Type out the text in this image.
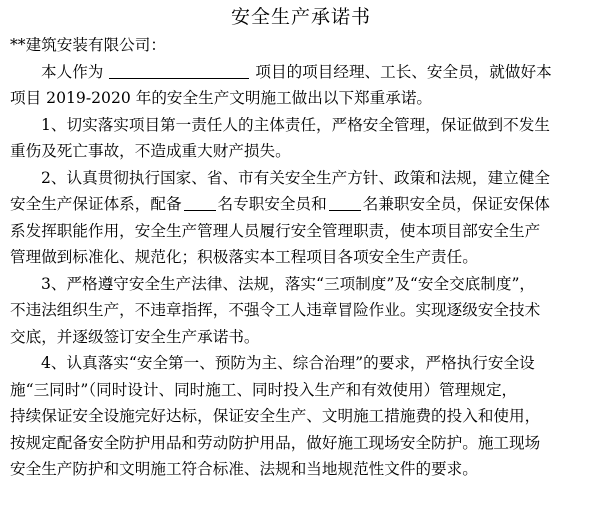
安全生产承诺书

**建筑安装有限公司：

本人作为	项目的项目经理、工长、安全员，就做好本

项目 2019-2020 年的安全生产文明施工做出以下郑重承诺。

1、切实落实项目第一责任人的主体责任，严格安全管理，保证做到不发生

重伤及死亡事故，不造成重大财产损失。

2、认真贯彻执行国家、省、市有关安全生产方针、政策和法规，建立健全

安全生产保证体系，配备 名专职安全员和 名兼职安全员，保证安保体

系发挥职能作用，安全生产管理人员履行安全管理职责，使本项目部安全生产

管理做到标准化、规范化；积极落实本工程项目各项安全生产责任。

3、严格遵守安全生产法律、法规，落实“三项制度”及“安全交底制度”，

不违法组织生产，不违章指挥，不强令工人违章冒险作业。实现逐级安全技术

交底，并逐级签订安全生产承诺书。

4、认真落实“安全第一、预防为主、综合治理”的要求，严格执行安全设

施“三同时”（同时设计、同时施工、同时投入生产和有效使用）管理规定，

持续保证安全设施完好达标，保证安全生产、文明施工措施费的投入和使用，

按规定配备安全防护用品和劳动防护用品，做好施工现场安全防护。施工现场

安全生产防护和文明施工符合标准、法规和当地规范性文件的要求。
